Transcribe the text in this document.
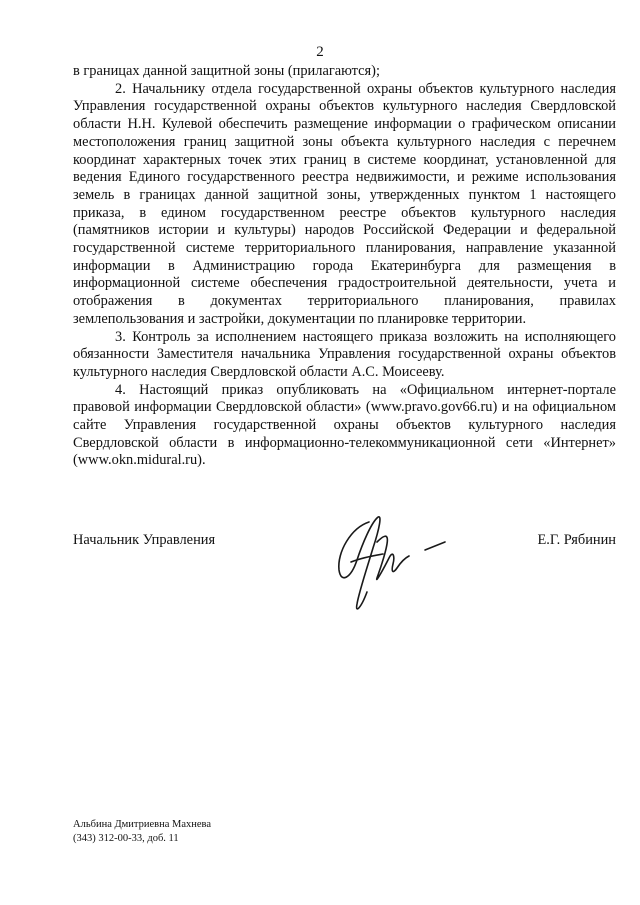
2

в границах данной защитной зоны (прилагаются);

2. Начальнику отдела государственной охраны объектов культурного наследия Управления государственной охраны объектов культурного наследия Свердловской области Н.Н. Кулевой обеспечить размещение информации о графическом описании местоположения границ защитной зоны объекта культурного наследия с перечнем координат характерных точек этих границ в системе координат, установленной для ведения Единого государственного реестра недвижимости, и режиме использования земель в границах данной защитной зоны, утвержденных пунктом 1 настоящего приказа, в едином государственном реестре объектов культурного наследия (памятников истории и культуры) народов Российской Федерации и федеральной государственной системе территориального планирования, направление указанной информации в Администрацию города Екатеринбурга для размещения в информационной системе обеспечения градостроительной деятельности, учета и отображения в документах территориального планирования, правилах землепользования и застройки, документации по планировке территории.

3. Контроль за исполнением настоящего приказа возложить на исполняющего обязанности Заместителя начальника Управления государственной охраны объектов культурного наследия Свердловской области А.С. Моисееву.

4. Настоящий приказ опубликовать на «Официальном интернет-портале правовой информации Свердловской области» (www.pravo.gov66.ru) и на официальном сайте Управления государственной охраны объектов культурного наследия Свердловской области в информационно-телекоммуникационной сети «Интернет» (www.okn.midural.ru).

Начальник Управления	Е.Г. Рябинин
Альбина Дмитриевна Махнева
(343) 312-00-33, доб. 11
